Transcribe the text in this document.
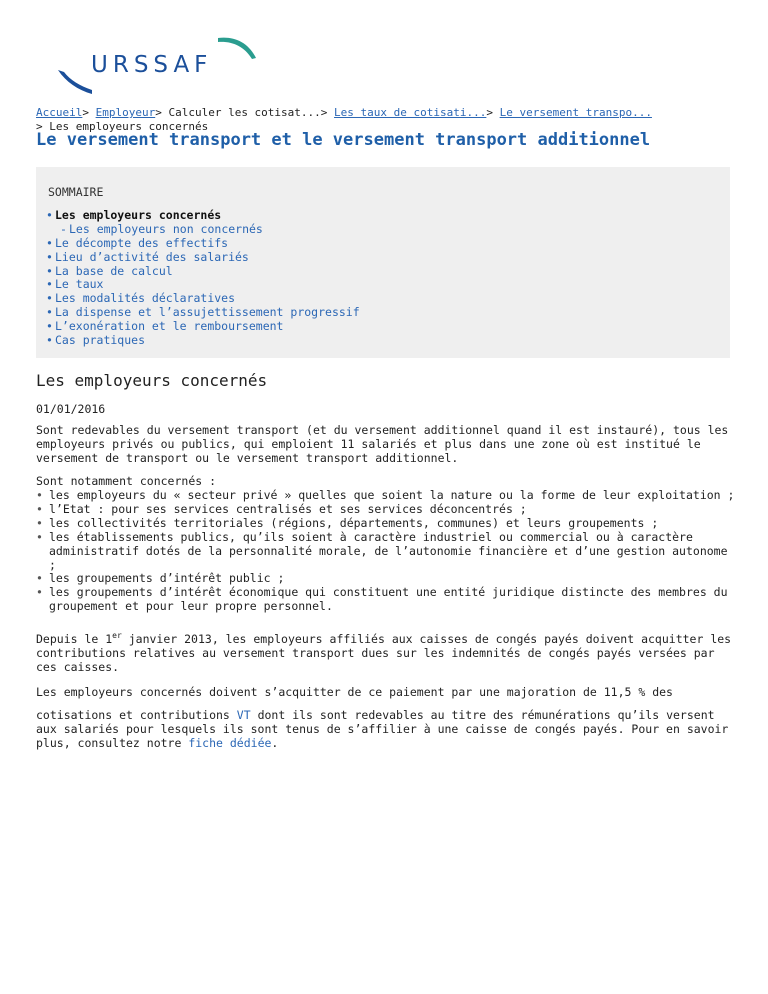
URSSAF
Accueil> Employeur> Calculer les cotisat...> Les taux de cotisati...> Le versement transpo...
> Les employeurs concernés
Le versement transport et le versement transport additionnel
SOMMAIRE
• Les employeurs concernés
- Les employeurs non concernés
• Le décompte des effectifs
• Lieu d’activité des salariés
• La base de calcul
• Le taux
• Les modalités déclaratives
• La dispense et l’assujettissement progressif
• L’exonération et le remboursement
• Cas pratiques
Les employeurs concernés
01/01/2016

Sont redevables du versement transport (et du versement additionnel quand il est instauré), tous les employeurs privés ou publics, qui emploient 11 salariés et plus dans une zone où est institué le versement de transport ou le versement transport additionnel.

Sont notamment concernés :

• les employeurs du « secteur privé » quelles que soient la nature ou la forme de leur exploitation ;
• l’Etat : pour ses services centralisés et ses services déconcentrés ;
• les collectivités territoriales (régions, départements, communes) et leurs groupements ;
• les établissements publics, qu’ils soient à caractère industriel ou commercial ou à caractère administratif dotés de la personnalité morale, de l’autonomie financière et d’une gestion autonome ;
• les groupements d’intérêt public ;
• les groupements d’intérêt économique qui constituent une entité juridique distincte des membres du groupement et pour leur propre personnel.

Depuis le 1er janvier 2013, les employeurs affiliés aux caisses de congés payés doivent acquitter les contributions relatives au versement transport dues sur les indemnités de congés payés versées par ces caisses.

Les employeurs concernés doivent s’acquitter de ce paiement par une majoration de 11,5 % des

cotisations et contributions VT dont ils sont redevables au titre des rémunérations qu’ils versent aux salariés pour lesquels ils sont tenus de s’affilier à une caisse de congés payés. Pour en savoir plus, consultez notre fiche dédiée.
